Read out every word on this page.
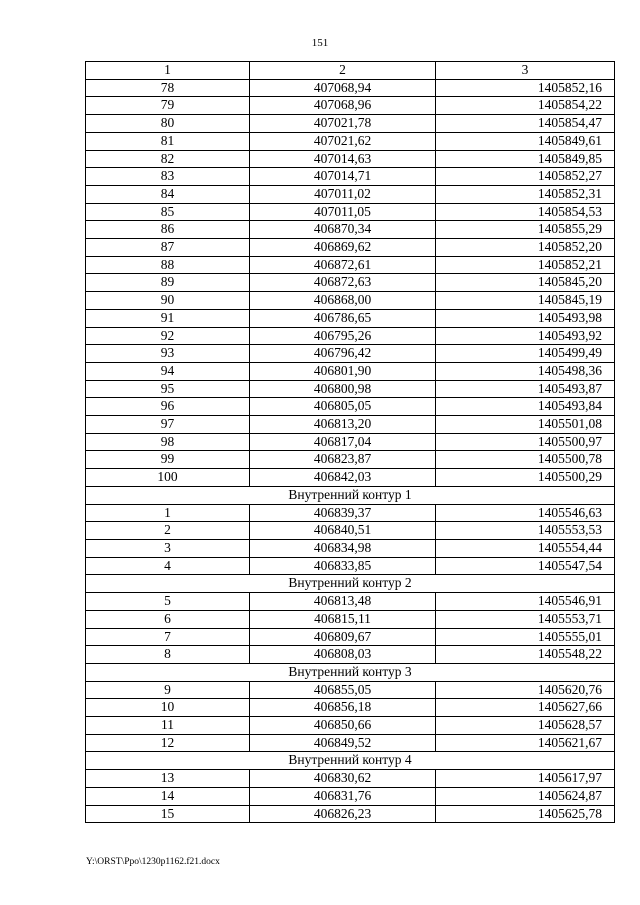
151
1	2	3
78	407068,94	1405852,16
79	407068,96	1405854,22
80	407021,78	1405854,47
81	407021,62	1405849,61
82	407014,63	1405849,85
83	407014,71	1405852,27
84	407011,02	1405852,31
85	407011,05	1405854,53
86	406870,34	1405855,29
87	406869,62	1405852,20
88	406872,61	1405852,21
89	406872,63	1405845,20
90	406868,00	1405845,19
91	406786,65	1405493,98
92	406795,26	1405493,92
93	406796,42	1405499,49
94	406801,90	1405498,36
95	406800,98	1405493,87
96	406805,05	1405493,84
97	406813,20	1405501,08
98	406817,04	1405500,97
99	406823,87	1405500,78
100	406842,03	1405500,29
Внутренний контур 1		
1	406839,37	1405546,63
2	406840,51	1405553,53
3	406834,98	1405554,44
4	406833,85	1405547,54
Внутренний контур 2		
5	406813,48	1405546,91
6	406815,11	1405553,71
7	406809,67	1405555,01
8	406808,03	1405548,22
Внутренний контур 3		
9	406855,05	1405620,76
10	406856,18	1405627,66
11	406850,66	1405628,57
12	406849,52	1405621,67
Внутренний контур 4		
13	406830,62	1405617,97
14	406831,76	1405624,87
15	406826,23	1405625,78
Y:\ORST\Ppo\1230p1162.f21.docx
